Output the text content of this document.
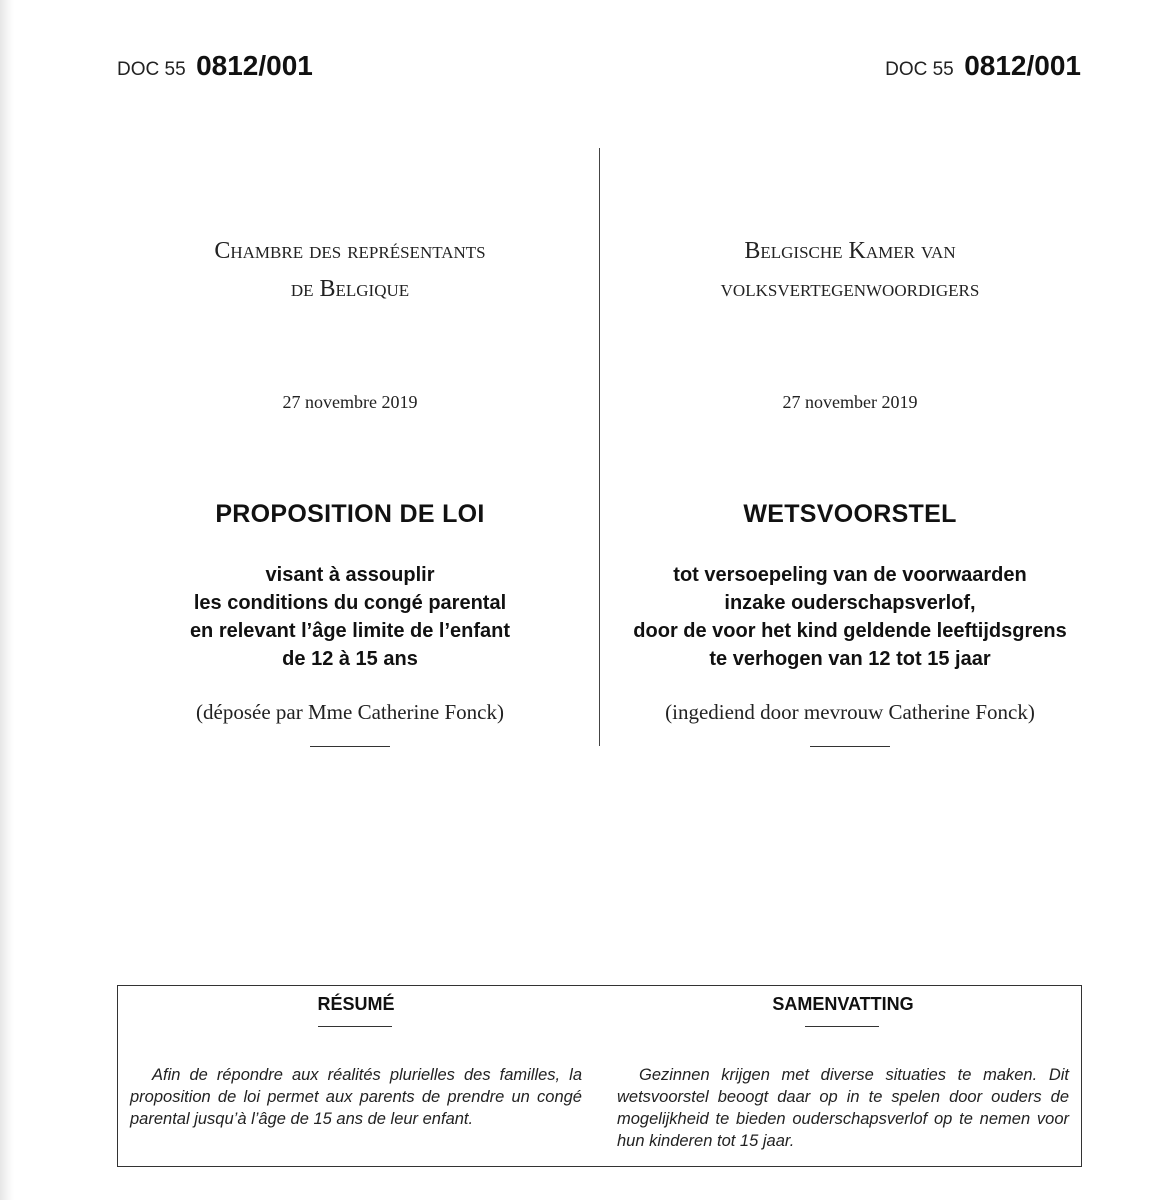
DOC 55 0812/001	DOC 55 0812/001
Chambre des représentants
de Belgique
27 novembre 2019
PROPOSITION DE LOI
visant à assouplir
les conditions du congé parental
en relevant l’âge limite de l’enfant
de 12 à 15 ans
(déposée par Mme Catherine Fonck)
Belgische Kamer van
volksvertegenwoordigers
27 november 2019
WETSVOORSTEL
tot versoepeling van de voorwaarden
inzake ouderschapsverlof,
door de voor het kind geldende leeftijdsgrens
te verhogen van 12 tot 15 jaar
(ingediend door mevrouw Catherine Fonck)
RÉSUMÉ
Afin de répondre aux réalités plurielles des familles, la proposition de loi permet aux parents de prendre un congé parental jusqu’à l’âge de 15 ans de leur enfant.
SAMENVATTING
Gezinnen krijgen met diverse situaties te maken. Dit wetsvoorstel beoogt daar op in te spelen door ouders de mogelijkheid te bieden ouderschapsverlof op te nemen voor hun kinderen tot 15 jaar.
